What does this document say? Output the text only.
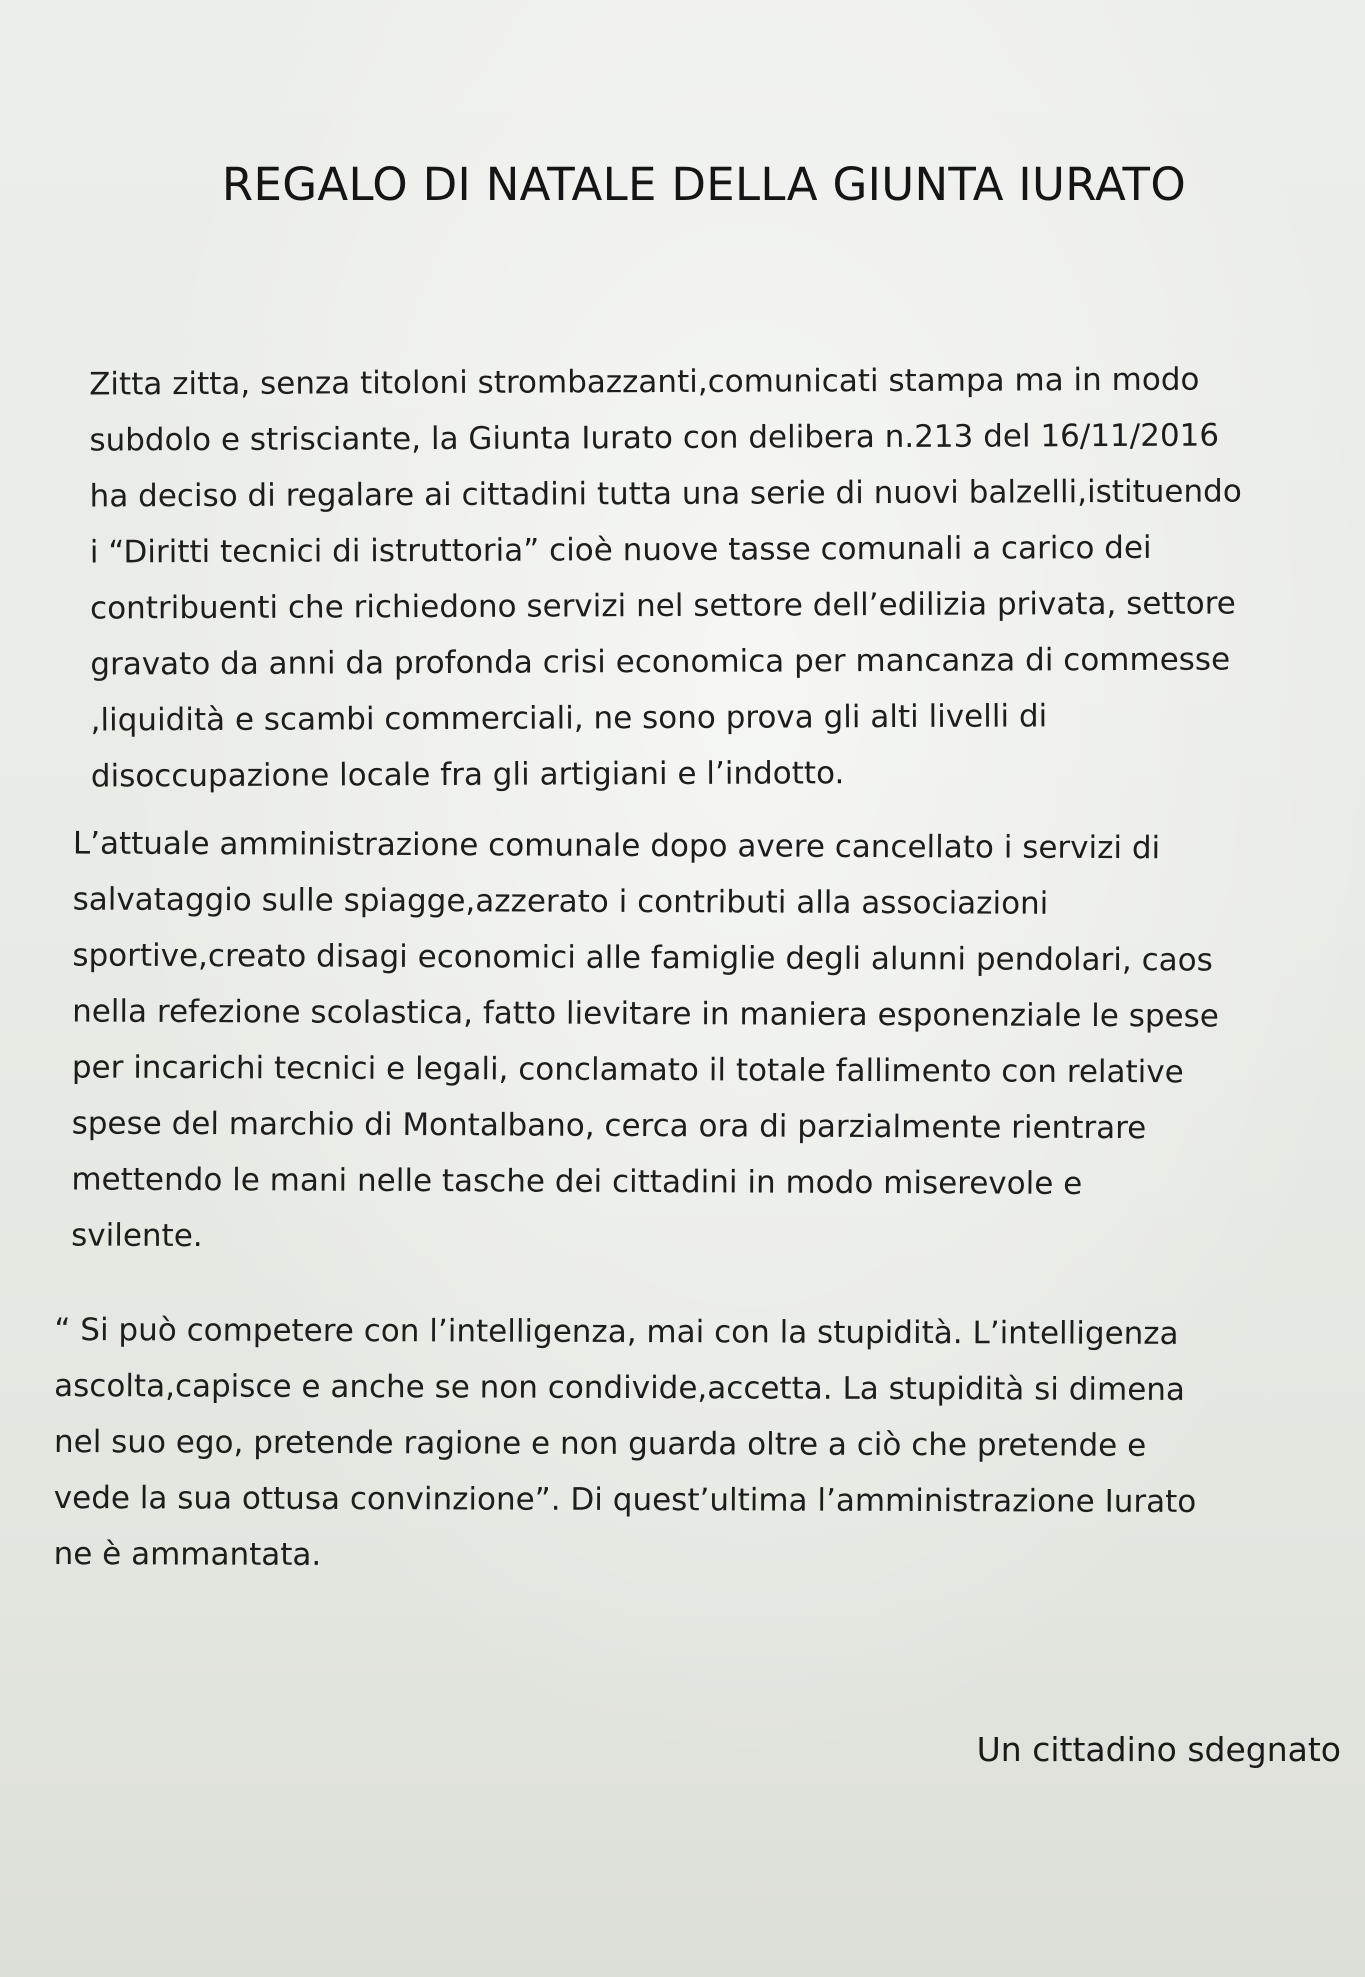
REGALO DI NATALE DELLA GIUNTA IURATO
Zitta zitta, senza titoloni strombazzanti,comunicati stampa ma in modo
subdolo e strisciante, la Giunta Iurato con delibera n.213 del 16/11/2016
ha deciso di regalare ai cittadini tutta una serie di nuovi balzelli,istituendo
i “Diritti tecnici di istruttoria” cioè nuove tasse comunali a carico dei
contribuenti che richiedono servizi nel settore dell’edilizia privata, settore
gravato da anni da profonda crisi economica per mancanza di commesse
,liquidità e scambi commerciali, ne sono prova gli alti livelli di
disoccupazione locale fra gli artigiani e l’indotto.
L’attuale amministrazione comunale dopo avere cancellato i servizi di
salvataggio sulle spiagge,azzerato i contributi alla associazioni
sportive,creato disagi economici alle famiglie degli alunni pendolari, caos
nella refezione scolastica, fatto lievitare in maniera esponenziale le spese
per incarichi tecnici e legali, conclamato il totale fallimento con relative
spese del marchio di Montalbano, cerca ora di parzialmente rientrare
mettendo le mani nelle tasche dei cittadini in modo miserevole e
svilente.
“ Si può competere con l’intelligenza, mai con la stupidità. L’intelligenza
ascolta,capisce e anche se non condivide,accetta. La stupidità si dimena
nel suo ego, pretende ragione e non guarda oltre a ciò che pretende e
vede la sua ottusa convinzione”. Di quest’ultima l’amministrazione Iurato
ne è ammantata.
Un cittadino sdegnato
